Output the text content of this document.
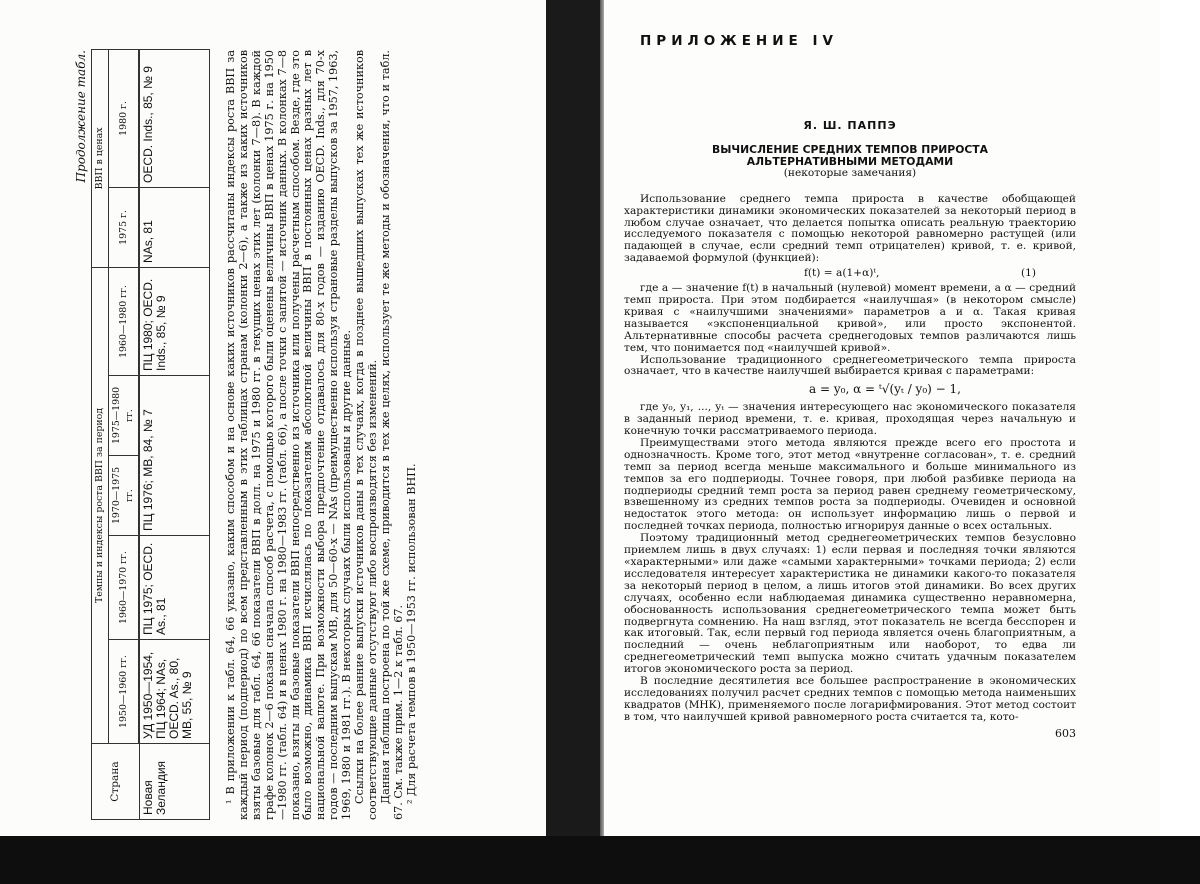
Продолжение табл.
Страна	Темпы и индексы роста ВВП за период					ВВП в ценах	
	1950—1960 гг.	1960—1970 гг.	1970—1975 гг.	1975—1980 гг.	1960—1980 гг.	1975 г.	1980 г.

Новая Зеландия	УД 1950—1954, ПЦ 1964; NAs, OECD. As., 80, MB, 55, № 9	ПЦ 1975; OECD. As., 81	ПЦ 1976; МВ, 84, № 7		ПЦ 1980; OECD. Inds., 85, № 9	NAs, 81	OECD. Inds., 85, № 9	¹ В приложении к табл. 64, 66 указано, каким способом и на основе каких источников рассчитаны индексы роста ВВП за каждый период (подпериод) по всем представленным в этих таблицах странам (колонки 2—6), а также из каких источников взяты базовые для табл. 64, 66 показатели ВВП в долл. на 1975 и 1980 гг. в текущих ценах этих лет (колонки 7—8). В каждой графе колонок 2—6 показан сначала способ расчета, с помощью которого были оценены величины ВВП в ценах 1975 г. на 1950—1980 гг. (табл. 64) и в ценах 1980 г. на 1980—1983 гг. (табл. 66), а после точки с запятой — источник данных. В колонках 7—8 показано, взяты ли базовые показатели ВВП непосредственно из источника или получены расчетным способом. Везде, где это было возможно, динамика ВВП исчислялась по показателям абсолютной величины ВВП в постоянных ценах разных лет в национальной валюте. При возможности выбора предпочтение отдавалось для 80-х годов — изданию OECD. Inds., для 70-х годов — последним выпускам МВ, для 50—60-х — NAs (преимущественно используя страновые разделы выпусков за 1957, 1963, 1969, 1980 и 1981 гг.). В некоторых случаях были использованы и другие данные. Ссылки на более ранние выпуски источников даны в тех случаях, когда в позднее вышедших выпусках тех же источников соответствующие данные отсутствуют либо воспроизводятся без изменений. Данная таблица построена по той же схеме, приводится в тех же целях, использует те же методы и обозначения, что и табл. 67. См. также прим. 1—2 к табл. 67. ² Для расчета темпов в 1950—1953 гг. использован ВНП.

ПРИЛОЖЕНИЕ IV

Я. Ш. ПАППЭ
ВЫЧИСЛЕНИЕ СРЕДНИХ ТЕМПОВ ПРИРОСТА
АЛЬТЕРНАТИВНЫМИ МЕТОДАМИ
(некоторые замечания)

Использование среднего темпа прироста в качестве обобщающей характеристики динамики экономических показателей за некоторый период в любом случае означает, что делается попытка описать реальную траекторию исследуемого показателя с помощью некоторой равномерно растущей (или падающей в случае, если средний темп отрицателен) кривой, т. е. кривой, задаваемой формулой (функцией):

f(t) = a(1+α)ᵗ,	(1)

где a — значение f(t) в начальный (нулевой) момент времени, а α — средний темп прироста. При этом подбирается «наилучшая» (в некотором смысле) кривая с «наилучшими значениями» параметров a и α. Такая кривая называется «экспоненциальной кривой», или просто экспонентой. Альтернативные способы расчета среднегодовых темпов различаются лишь тем, что понимается под «наилучшей кривой».

Использование традиционного среднегеометрического темпа прироста означает, что в качестве наилучшей выбирается кривая с параметрами:

a = y₀, α = ᵗ√(yₜ / y₀) − 1,

где y₀, y₁, ..., yₜ — значения интересующего нас экономического показателя в заданный период времени, т. е. кривая, проходящая через начальную и конечную точки рассматриваемого периода.

Преимуществами этого метода являются прежде всего его простота и однозначность. Кроме того, этот метод «внутренне согласован», т. е. средний темп за период всегда меньше максимального и больше минимального из темпов за его подпериоды. Точнее говоря, при любой разбивке периода на подпериоды средний темп роста за период равен среднему геометрическому, взвешенному из средних темпов роста за подпериоды. Очевиден и основной недостаток этого метода: он использует информацию лишь о первой и последней точках периода, полностью игнорируя данные о всех остальных.

Поэтому традиционный метод среднегеометрических темпов безусловно приемлем лишь в двух случаях: 1) если первая и последняя точки являются «характерными» или даже «самыми характерными» точками периода; 2) если исследователя интересует характеристика не динамики какого-то показателя за некоторый период в целом, а лишь итогов этой динамики. Во всех других случаях, особенно если наблюдаемая динамика существенно неравномерна, обоснованность использования среднегеометрического темпа может быть подвергнута сомнению. На наш взгляд, этот показатель не всегда бесспорен и как итоговый. Так, если первый год периода является очень благоприятным, а последний — очень неблагоприятным или наоборот, то едва ли среднегеометрический темп выпуска можно считать удачным показателем итогов экономического роста за период.

В последние десятилетия все большее распространение в экономических исследованиях получил расчет средних темпов с помощью метода наименьших квадратов (МНК), применяемого после логарифмирования. Этот метод состоит в том, что наилучшей кривой равномерного роста считается та, кото-

603
